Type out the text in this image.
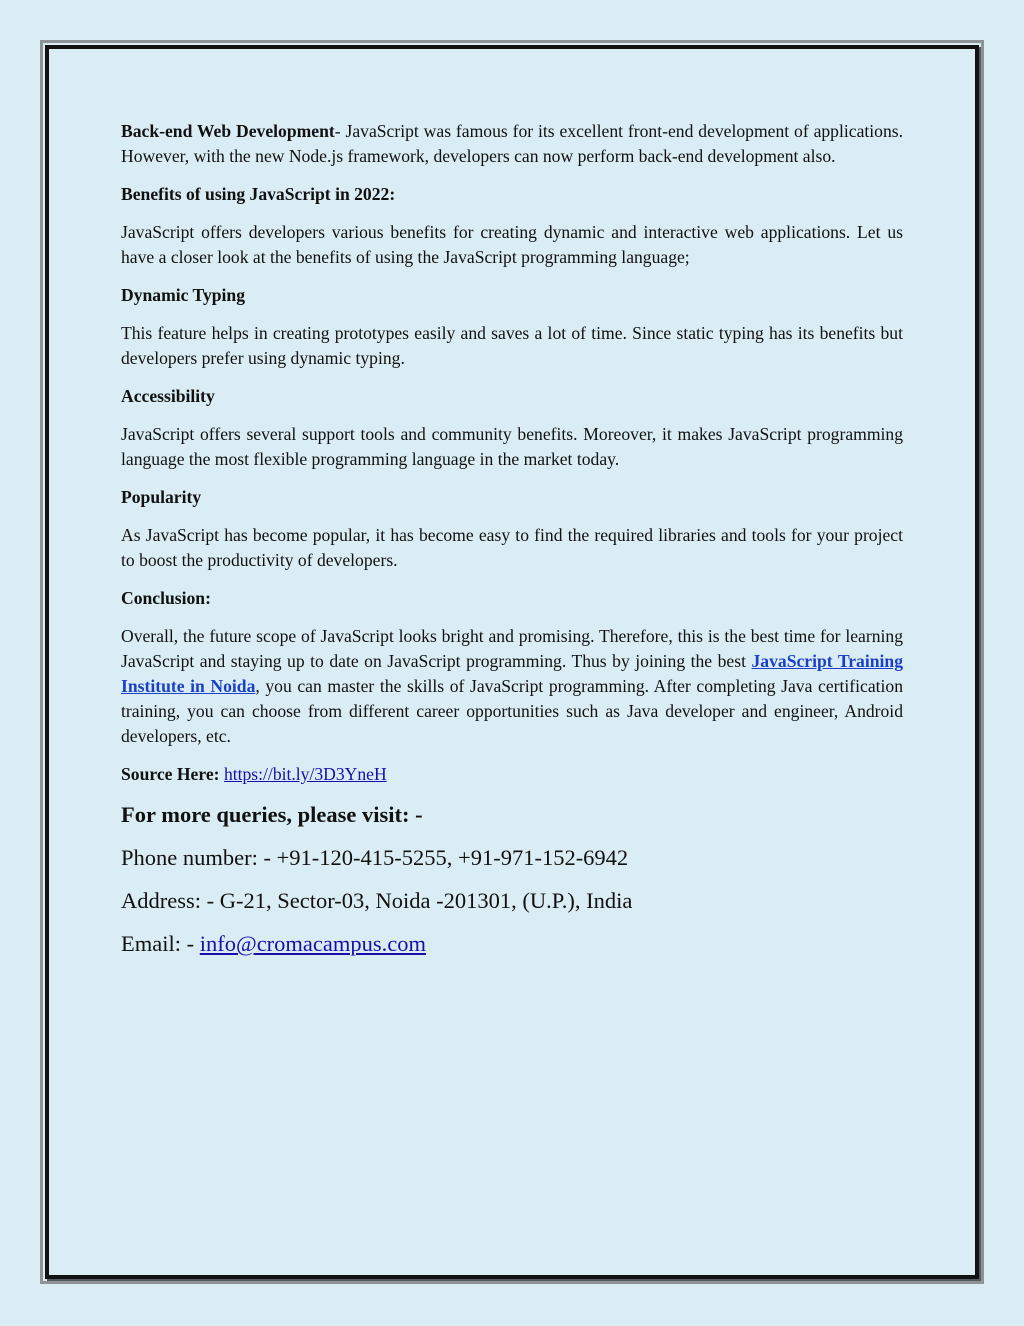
Back-end Web Development- JavaScript was famous for its excellent front-end development of applications. However, with the new Node.js framework, developers can now perform back-end development also.

Benefits of using JavaScript in 2022:

JavaScript offers developers various benefits for creating dynamic and interactive web applications. Let us have a closer look at the benefits of using the JavaScript programming language;

Dynamic Typing

This feature helps in creating prototypes easily and saves a lot of time. Since static typing has its benefits but developers prefer using dynamic typing.

Accessibility

JavaScript offers several support tools and community benefits. Moreover, it makes JavaScript programming language the most flexible programming language in the market today.

Popularity

As JavaScript has become popular, it has become easy to find the required libraries and tools for your project to boost the productivity of developers.

Conclusion:

Overall, the future scope of JavaScript looks bright and promising. Therefore, this is the best time for learning JavaScript and staying up to date on JavaScript programming. Thus by joining the best JavaScript Training Institute in Noida, you can master the skills of JavaScript programming. After completing Java certification training, you can choose from different career opportunities such as Java developer and engineer, Android developers, etc.

Source Here: https://bit.ly/3D3YneH

For more queries, please visit: -

Phone number: - +91-120-415-5255, +91-971-152-6942

Address: - G-21, Sector-03, Noida -201301, (U.P.), India

Email: - info@cromacampus.com
